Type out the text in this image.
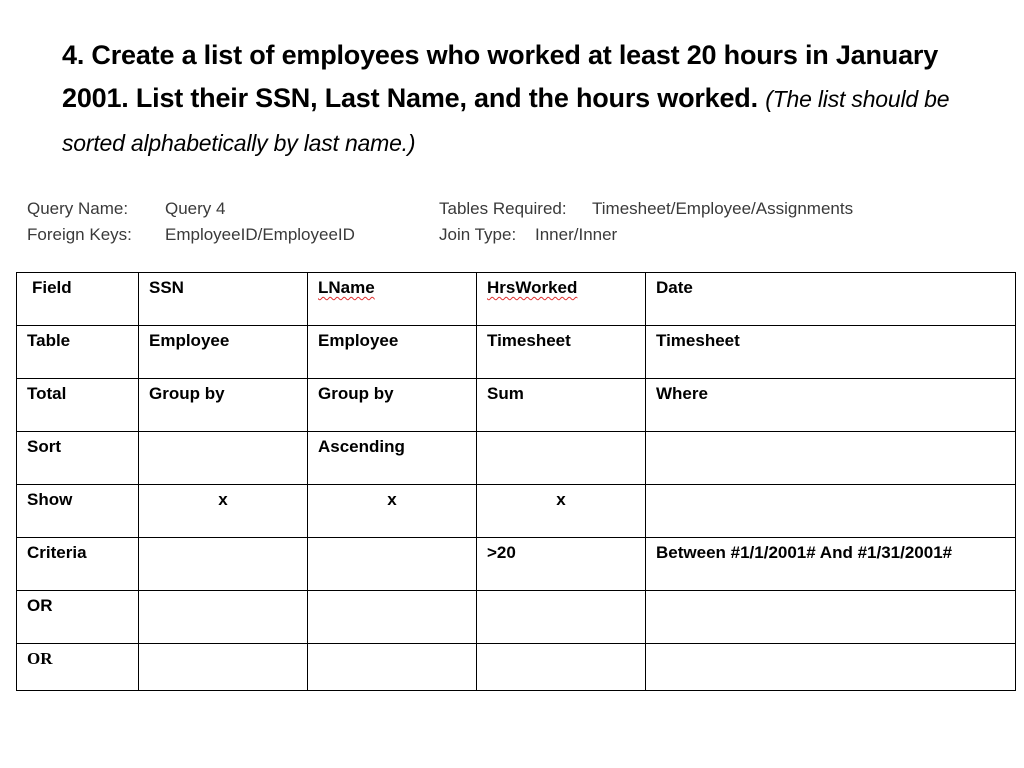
4. Create a list of employees who worked at least 20 hours in January 2001. List their SSN, Last Name, and the hours worked. (The list should be sorted alphabetically by last name.)
Query Name: Query 4
Foreign Keys: EmployeeID/EmployeeID
Tables Required: Timesheet/Employee/Assignments
Join Type: Inner/Inner
Field	SSN	LName	HrsWorked	Date
Table	Employee	Employee	Timesheet	Timesheet
Total	Group by	Group by	Sum	Where
Sort		Ascending		
Show	x	x	x	
Criteria			>20	Between #1/1/2001# And #1/31/2001#
OR				
OR				
